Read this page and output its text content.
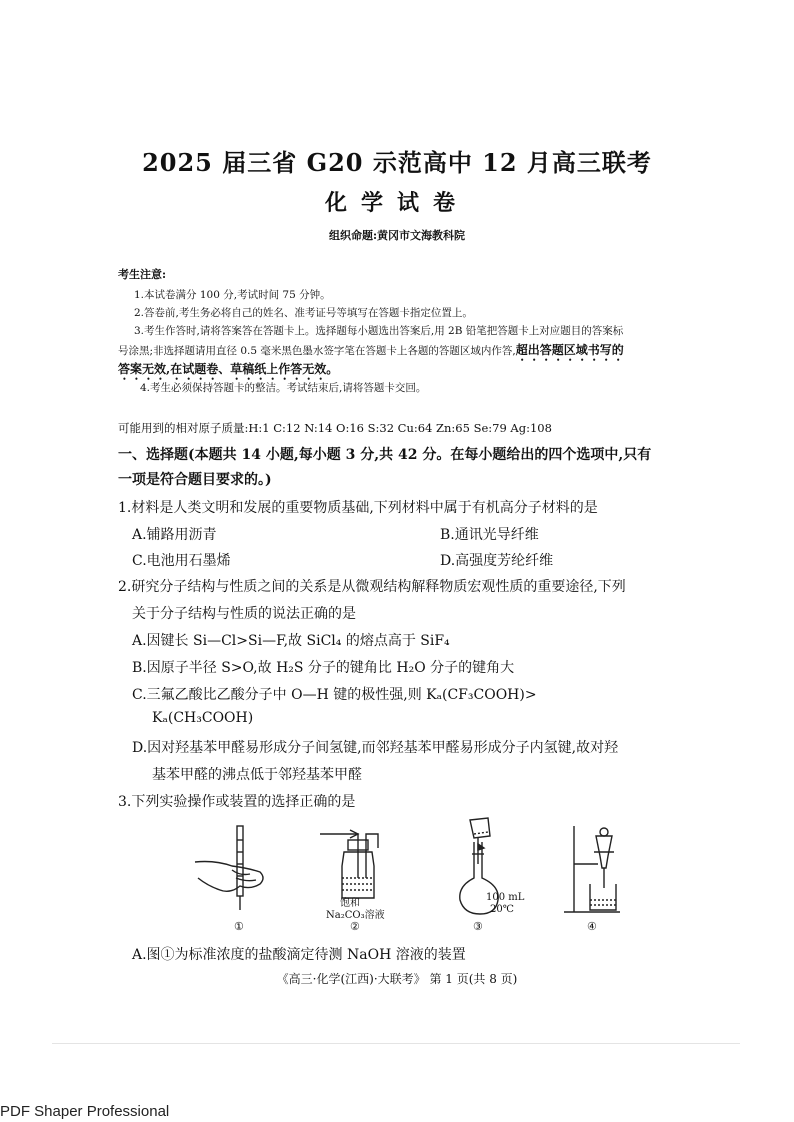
2025 届三省 G20 示范高中 12 月高三联考
化学试卷
组织命题:黄冈市文海教科院
考生注意:
1.本试卷满分 100 分,考试时间 75 分钟。
2.答卷前,考生务必将自己的姓名、准考证号等填写在答题卡指定位置上。
3.考生作答时,请将答案答在答题卡上。选择题每小题选出答案后,用 2B 铅笔把答题卡上对应题目的答案标
号涂黑;非选择题请用直径 0.5 毫米黑色墨水签字笔在答题卡上各题的答题区域内作答,超出答题区域书写的
答案无效,在试题卷、草稿纸上作答无效。
4.考生必须保持答题卡的整洁。考试结束后,请将答题卡交回。
可能用到的相对原子质量:H:1 C:12 N:14 O:16 S:32 Cu:64 Zn:65 Se:79 Ag:108
一、选择题(本题共 14 小题,每小题 3 分,共 42 分。在每小题给出的四个选项中,只有
一项是符合题目要求的。)
1.材料是人类文明和发展的重要物质基础,下列材料中属于有机高分子材料的是
A.铺路用沥青	B.通讯光导纤维
C.电池用石墨烯	D.高强度芳纶纤维
2.研究分子结构与性质之间的关系是从微观结构解释物质宏观性质的重要途径,下列
关于分子结构与性质的说法正确的是
A.因键长 Si—Cl>Si—F,故 SiCl₄ 的熔点高于 SiF₄
B.因原子半径 S>O,故 H₂S 分子的键角比 H₂O 分子的键角大
C.三氟乙酸比乙酸分子中 O—H 键的极性强,则 Kₐ(CF₃COOH)>
Kₐ(CH₃COOH)
D.因对羟基苯甲醛易形成分子间氢键,而邻羟基苯甲醛易形成分子内氢键,故对羟
基苯甲醛的沸点低于邻羟基苯甲醛
3.下列实验操作或装置的选择正确的是
①
饱和
Na₂CO₃溶液
②
100 mL
20℃
③	④
A.图①为标准浓度的盐酸滴定待测 NaOH 溶液的装置
《高三·化学(江西)·大联考》 第 1 页(共 8 页)
PDF Shaper Professional
